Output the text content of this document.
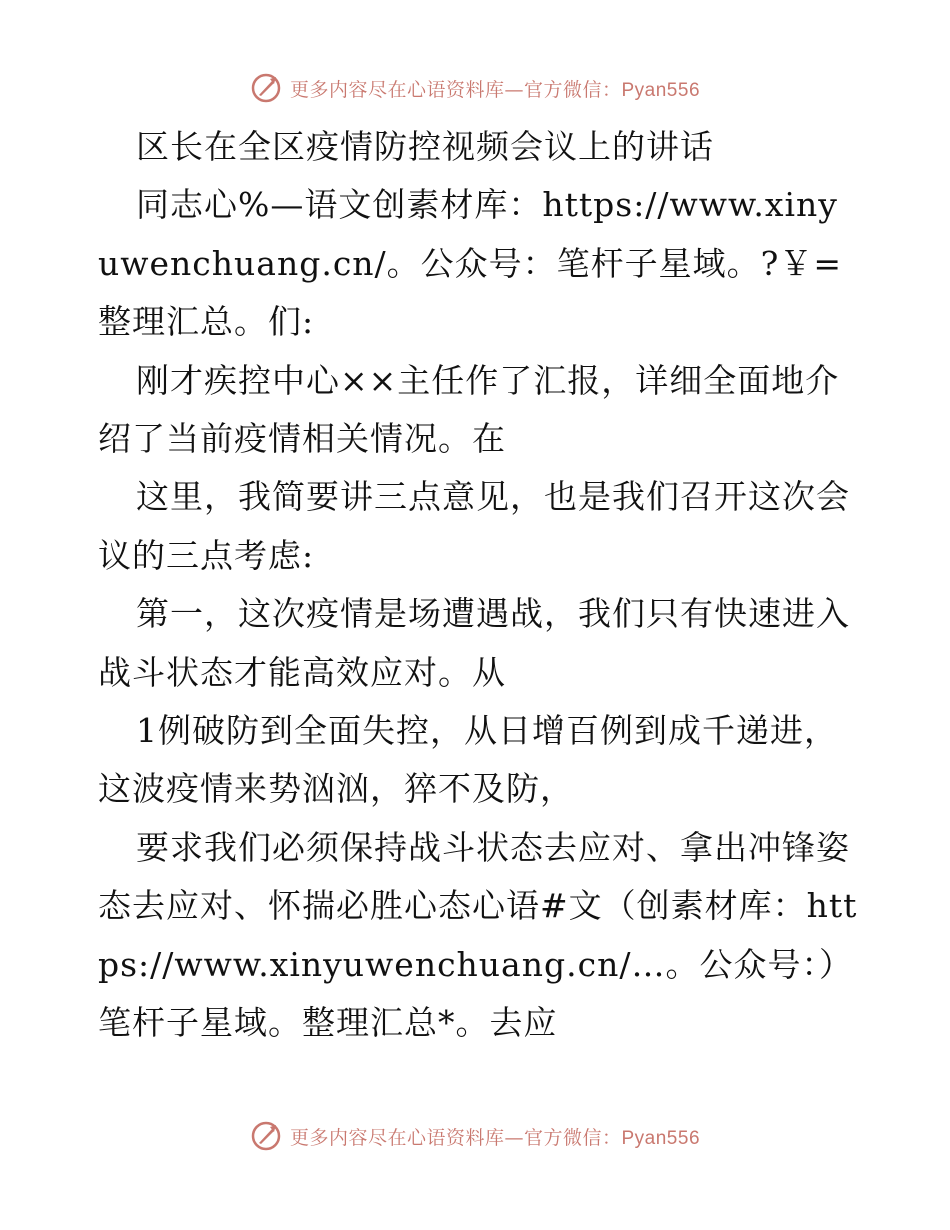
更多内容尽在心语资料库—官方微信：Pyan556

区长在全区疫情防控视频会议上的讲话

同志心%—语文创素材库：https://www.xinyuwenchuang.cn/。公众号：笔杆子星域。?￥=整理汇总。们:

刚才疾控中心××主任作了汇报，详细全面地介绍了当前疫情相关情况。在

这里，我简要讲三点意见，也是我们召开这次会议的三点考虑:

第一，这次疫情是场遭遇战，我们只有快速进入战斗状态才能高效应对。从

1例破防到全面失控，从日增百例到成千递进，这波疫情来势汹汹，猝不及防，

要求我们必须保持战斗状态去应对、拿出冲锋姿态去应对、怀揣必胜心态心语#文（创素材库：https://www.xinyuwenchuang.cn/…。公众号：）笔杆子星域。整理汇总*。去应

更多内容尽在心语资料库—官方微信：Pyan556
